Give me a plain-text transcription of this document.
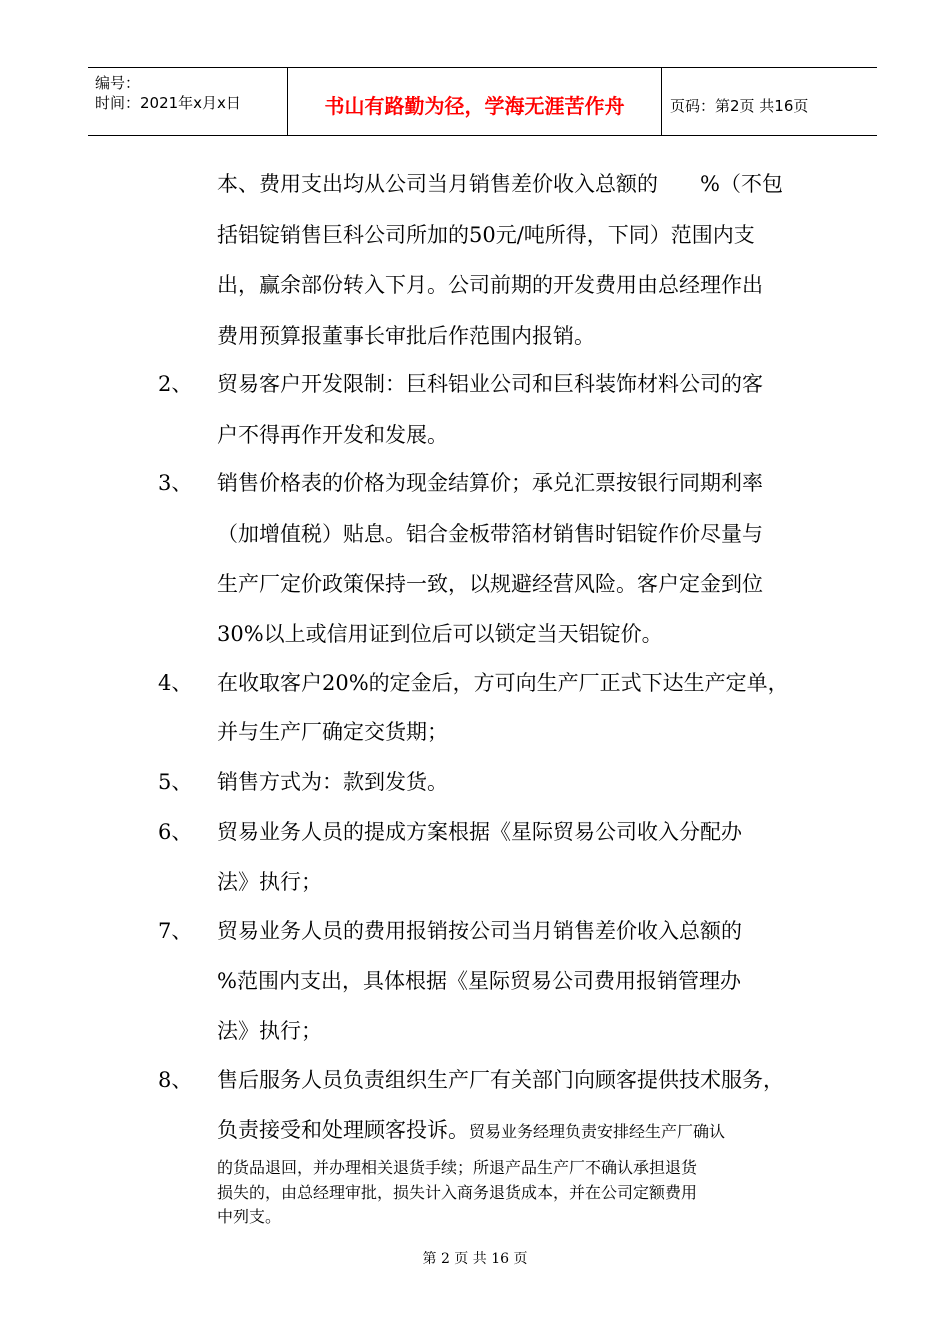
编号：
时间：2021年x月x日	书山有路勤为径，学海无涯苦作舟	页码：第2页 共16页
本、费用支出均从公司当月销售差价收入总额的　　%（不包
括铝锭销售巨科公司所加的50元/吨所得，下同）范围内支
出，赢余部份转入下月。公司前期的开发费用由总经理作出
费用预算报董事长审批后作范围内报销。
2、 贸易客户开发限制：巨科铝业公司和巨科装饰材料公司的客
户不得再作开发和发展。
3、 销售价格表的价格为现金结算价；承兑汇票按银行同期利率
（加增值税）贴息。铝合金板带箔材销售时铝锭作价尽量与
生产厂定价政策保持一致，以规避经营风险。客户定金到位
30%以上或信用证到位后可以锁定当天铝锭价。
4、 在收取客户20%的定金后，方可向生产厂正式下达生产定单，
并与生产厂确定交货期；
5、 销售方式为：款到发货。
6、 贸易业务人员的提成方案根据《星际贸易公司收入分配办
法》执行；
7、 贸易业务人员的费用报销按公司当月销售差价收入总额的
%范围内支出，具体根据《星际贸易公司费用报销管理办
法》执行；
8、 售后服务人员负责组织生产厂有关部门向顾客提供技术服务，
负责接受和处理顾客投诉。贸易业务经理负责安排经生产厂确认
的货品退回，并办理相关退货手续；所退产品生产厂不确认承担退货
损失的，由总经理审批，损失计入商务退货成本，并在公司定额费用
中列支。
第 2 页 共 16 页
